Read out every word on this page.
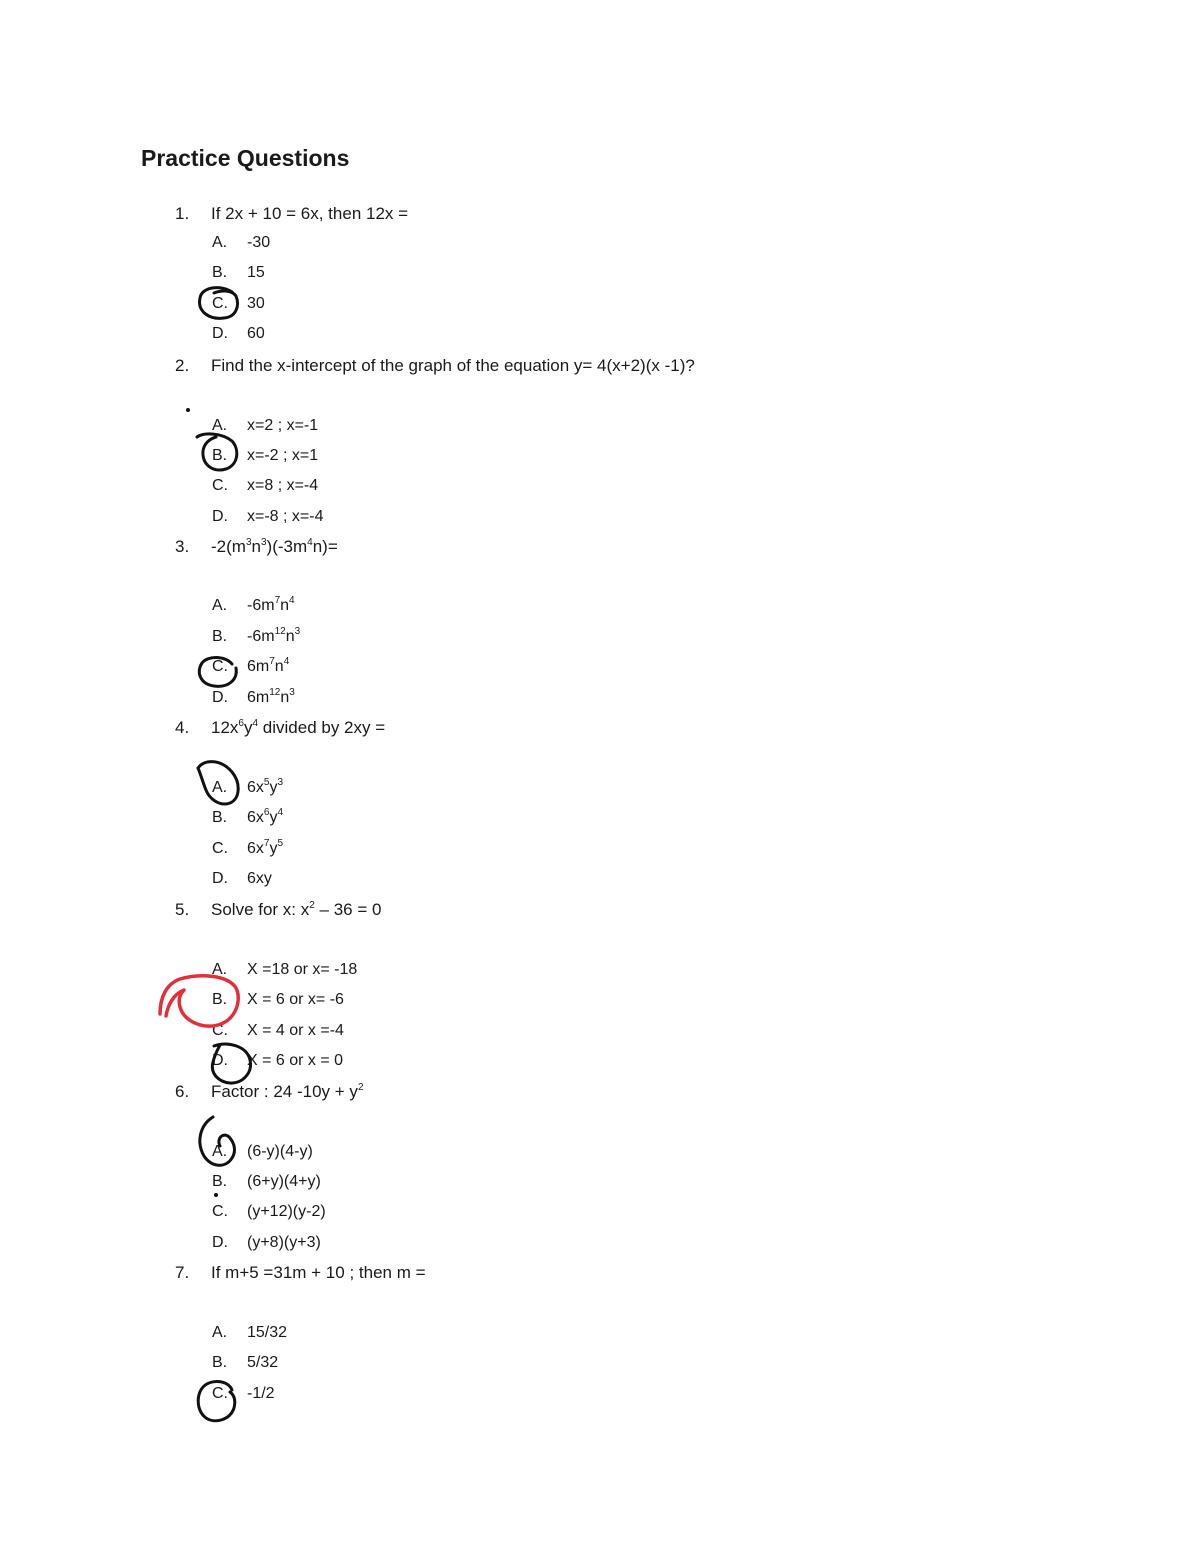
Practice Questions
1. If 2x + 10 = 6x, then 12x =
A. -30
B. 15
C. 30
D. 60
2. Find the x-intercept of the graph of the equation y= 4(x+2)(x -1)?
A. x=2 ; x=-1
B. x=-2 ; x=1
C. x=8 ; x=-4
D. x=-8 ; x=-4
3. $-2(m^3n^3)(-3m^4n)=$
A. $-6m^7n^4$
B. $-6m^{12}n^3$
C. $6m^7n^4$
D. $6m^{12}n^3$
4. $12x^6y^4$ divided by 2xy =
A. $6x^5y^3$
B. $6x^6y^4$
C. $6x^7y^5$
D. 6xy
5. Solve for x: $x^2 - 36 = 0$
A. X =18 or x= -18
B. X = 6 or x= -6
C. X = 4 or x =-4
D. X = 6 or x = 0
6. Factor : 24 $-10y + y^2$
A. (6-y)(4-y)
B. (6+y)(4+y)
C. (y+12)(y-2)
D. (y+8)(y+3)
7. If m+5 =31m + 10 ; then m =
A. 15/32
B. 5/32
C. -1/2
